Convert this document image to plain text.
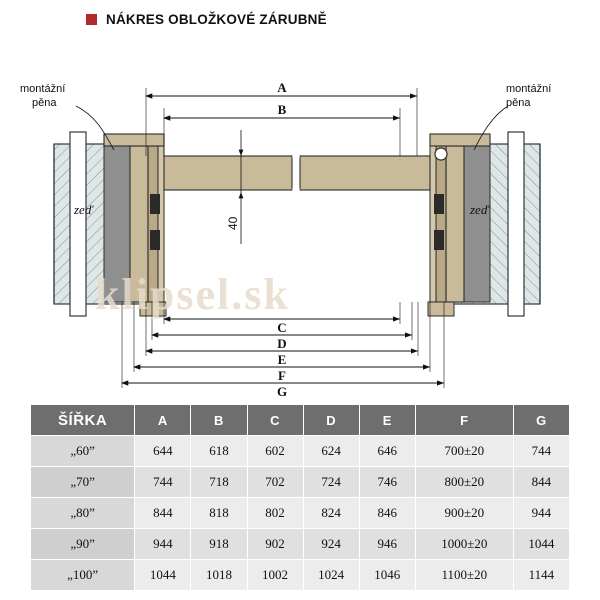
NÁKRES OBLOŽKOVÉ ZÁRUBNĚ
40
A
B
C
D
E
F
G
montážní
pěna
montážní
pěna
zeď	zeď
klipsel.sk
ŠÍŘKA	A	B	C	D	E	F	G
„60”	644	618	602	624	646	700±20	744
„70”	744	718	702	724	746	800±20	844
„80”	844	818	802	824	846	900±20	944
„90”	944	918	902	924	946	1000±20	1044
„100”	1044	1018	1002	1024	1046	1100±20	1144
